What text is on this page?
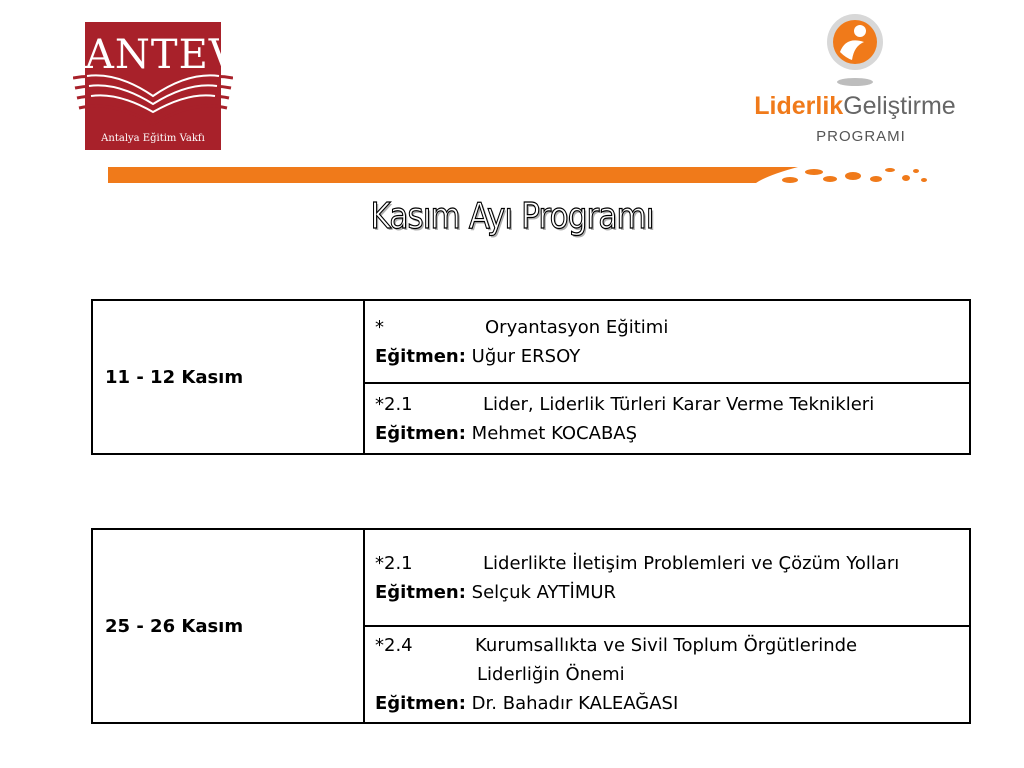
ANTEV
Antalya Eğitim Vakfı
LiderlikGeliştirme
PROGRAMI
Kasım Ayı Programı
11 - 12 Kasım	
*	Oryantasyon Eğitimi
Eğitmen: Uğur ERSOY

*2.1	Lider, Liderlik Türleri Karar Verme Teknikleri
Eğitmen: Mehmet KOCABAŞ
25 - 26 Kasım	
*2.1	Liderlikte İletişim Problemleri ve Çözüm Yolları
Eğitmen: Selçuk AYTİMUR

*2.4	Kurumsallıkta ve Sivil Toplum Örgütlerinde
Liderliğin Önemi
Eğitmen: Dr. Bahadır KALEAĞASI
